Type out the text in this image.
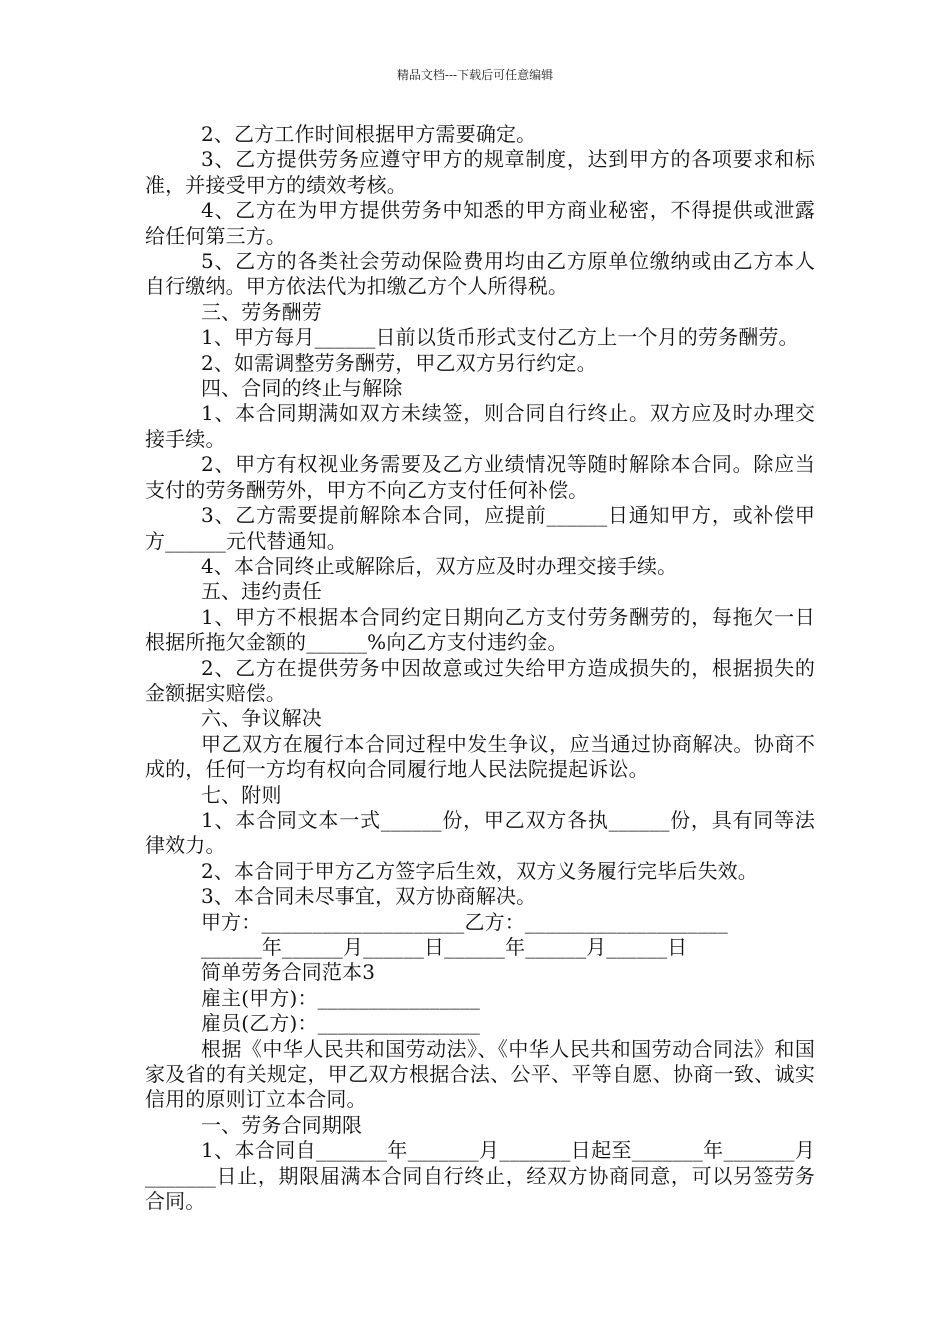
精品文档---下载后可任意编辑

2、乙方工作时间根据甲方需要确定。

3、乙方提供劳务应遵守甲方的规章制度，达到甲方的各项要求和标准，并接受甲方的绩效考核。

4、乙方在为甲方提供劳务中知悉的甲方商业秘密，不得提供或泄露给任何第三方。

5、乙方的各类社会劳动保险费用均由乙方原单位缴纳或由乙方本人自行缴纳。甲方依法代为扣缴乙方个人所得税。

三、劳务酬劳

1、甲方每月______日前以货币形式支付乙方上一个月的劳务酬劳。

2、如需调整劳务酬劳，甲乙双方另行约定。

四、合同的终止与解除

1、本合同期满如双方未续签，则合同自行终止。双方应及时办理交接手续。

2、甲方有权视业务需要及乙方业绩情况等随时解除本合同。除应当支付的劳务酬劳外，甲方不向乙方支付任何补偿。

3、乙方需要提前解除本合同，应提前______日通知甲方，或补偿甲方______元代替通知。

4、本合同终止或解除后，双方应及时办理交接手续。

五、违约责任

1、甲方不根据本合同约定日期向乙方支付劳务酬劳的，每拖欠一日根据所拖欠金额的______%向乙方支付违约金。

2、乙方在提供劳务中因故意或过失给甲方造成损失的，根据损失的金额据实赔偿。

六、争议解决

甲乙双方在履行本合同过程中发生争议，应当通过协商解决。协商不成的，任何一方均有权向合同履行地人民法院提起诉讼。

七、附则

1、本合同文本一式______份，甲乙双方各执______份，具有同等法律效力。

2、本合同于甲方乙方签字后生效，双方义务履行完毕后失效。

3、本合同未尽事宜，双方协商解决。

甲方：____________________乙方：____________________

______年______月______日______年______月______日

简单劳务合同范本3

雇主(甲方)：________________

雇员(乙方)：________________

根据《中华人民共和国劳动法》、《中华人民共和国劳动合同法》和国家及省的有关规定，甲乙双方根据合法、公平、平等自愿、协商一致、诚实信用的原则订立本合同。

一、劳务合同期限

1、本合同自_______年_______月_______日起至_______年_______月_______日止，期限届满本合同自行终止，经双方协商同意，可以另签劳务合同。
